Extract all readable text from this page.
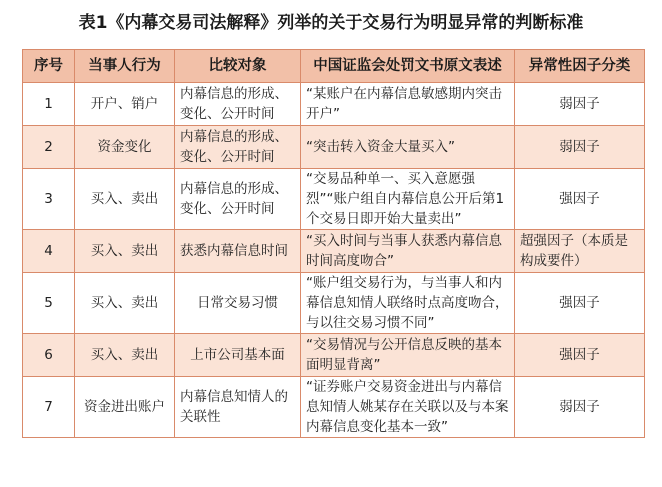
表1《内幕交易司法解释》列举的关于交易行为明显异常的判断标准
序号	当事人行为	比较对象	中国证监会处罚文书原文表述	异常性因子分类
1	开户、销户	内幕信息的形成、变化、公开时间	“某账户在内幕信息敏感期内突击开户”	弱因子
2	资金变化	内幕信息的形成、变化、公开时间	“突击转入资金大量买入”	弱因子
3	买入、卖出	内幕信息的形成、变化、公开时间	“交易品种单一、买入意愿强烈”“账户组自内幕信息公开后第1个交易日即开始大量卖出”	强因子
4	买入、卖出	获悉内幕信息时间	“买入时间与当事人获悉内幕信息时间高度吻合”	超强因子（本质是构成要件）
5	买入、卖出	日常交易习惯	“账户组交易行为，与当事人和内幕信息知情人联络时点高度吻合，与以往交易习惯不同”	强因子
6	买入、卖出	上市公司基本面	“交易情况与公开信息反映的基本面明显背离”	强因子
7	资金进出账户	内幕信息知情人的关联性	“证券账户交易资金进出与内幕信息知情人姚某存在关联以及与本案内幕信息变化基本一致”	弱因子
